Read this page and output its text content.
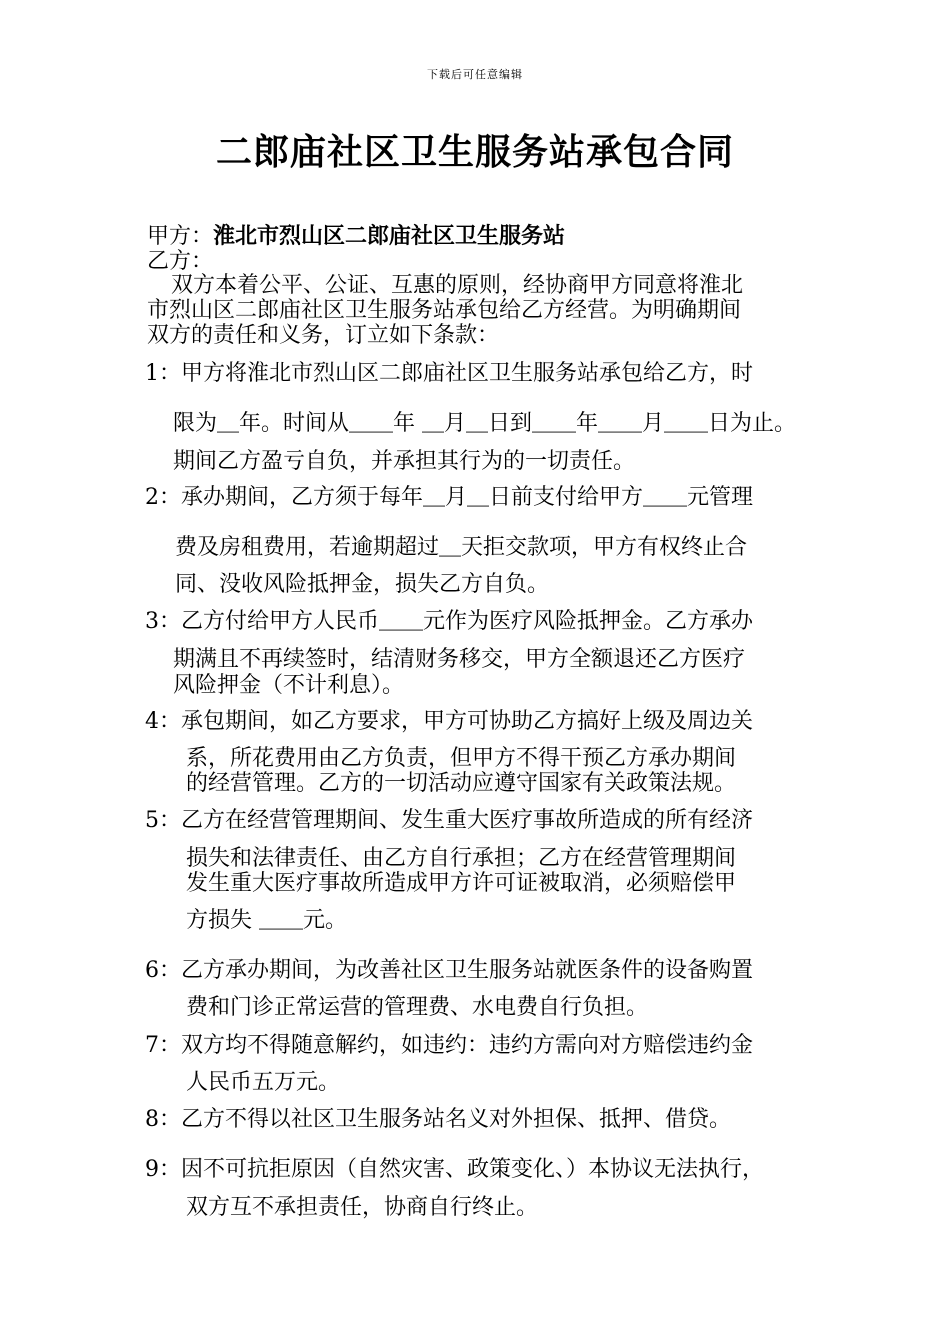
下载后可任意编辑
二郎庙社区卫生服务站承包合同
甲方：淮北市烈山区二郎庙社区卫生服务站
乙方：
双方本着公平、公证、互惠的原则，经协商甲方同意将淮北
市烈山区二郎庙社区卫生服务站承包给乙方经营。为明确期间
双方的责任和义务，订立如下条款：
1：甲方将淮北市烈山区二郎庙社区卫生服务站承包给乙方，时
限为＿年。时间从＿＿年 ＿月＿日到＿＿年＿＿月＿＿日为止。
期间乙方盈亏自负，并承担其行为的一切责任。
2：承办期间，乙方须于每年＿月＿日前支付给甲方＿＿元管理
费及房租费用，若逾期超过＿天拒交款项，甲方有权终止合
同、没收风险抵押金，损失乙方自负。
3：乙方付给甲方人民币＿＿元作为医疗风险抵押金。乙方承办
期满且不再续签时，结清财务移交，甲方全额退还乙方医疗
风险押金（不计利息）。
4：承包期间，如乙方要求，甲方可协助乙方搞好上级及周边关
系，所花费用由乙方负责，但甲方不得干预乙方承办期间
的经营管理。乙方的一切活动应遵守国家有关政策法规。
5：乙方在经营管理期间、发生重大医疗事故所造成的所有经济
损失和法律责任、由乙方自行承担；乙方在经营管理期间
发生重大医疗事故所造成甲方许可证被取消，必须赔偿甲
方损失 ＿＿元。
6：乙方承办期间，为改善社区卫生服务站就医条件的设备购置
费和门诊正常运营的管理费、水电费自行负担。
7：双方均不得随意解约，如违约：违约方需向对方赔偿违约金
人民币五万元。
8：乙方不得以社区卫生服务站名义对外担保、抵押、借贷。
9：因不可抗拒原因（自然灾害、政策变化、）本协议无法执行，
双方互不承担责任，协商自行终止。
